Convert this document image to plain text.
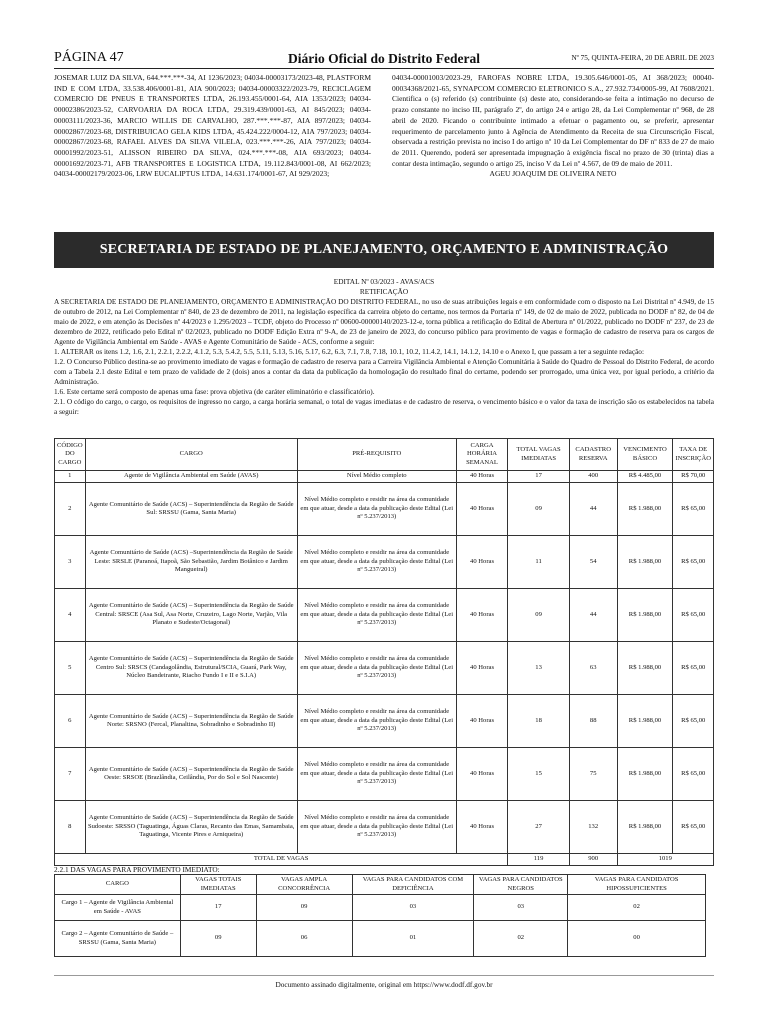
PÁGINA 47	Diário Oficial do Distrito Federal	Nº 75, QUINTA-FEIRA, 20 DE ABRIL DE 2023
JOSEMAR LUIZ DA SILVA, 644.***.***-34, AI 1236/2023; 04034-00003173/2023-48, PLASTFORM IND E COM LTDA, 33.538.406/0001-81, AIA 900/2023; 04034-00003322/2023-79, RECICLAGEM COMERCIO DE PNEUS E TRANSPORTES LTDA, 26.193.455/0001-64, AIA 1353/2023; 04034-00002386/2023-52, CARVOARIA DA ROCA LTDA, 29.319.439/0001-63, AI 845/2023; 04034-00003111/2023-36, MARCIO WILLIS DE CARVALHO, 287.***.***-87, AIA 897/2023; 04034-00002867/2023-68, DISTRIBUICAO GELA KIDS LTDA, 45.424.222/0004-12, AIA 797/2023; 04034-00002867/2023-68, RAFAEL ALVES DA SILVA VILELA, 023.***.***-26, AIA 797/2023; 04034-00001992/2023-51, ALISSON RIBEIRO DA SILVA, 024.***.***-08, AIA 693/2023; 04034-00001692/2023-71, AFB TRANSPORTES E LOGISTICA LTDA, 19.112.843/0001-08, AI 662/2023; 04034-00002179/2023-06, LRW EUCALIPTUS LTDA, 14.631.174/0001-67, AI 929/2023;
04034-00001003/2023-29, FAROFAS NOBRE LTDA, 19.305.646/0001-05, AI 368/2023; 00040-00034368/2021-65, SYNAPCOM COMERCIO ELETRONICO S.A., 27.932.734/0005-99, AI 7608/2021. Cientifica o (s) referido (s) contribuinte (s) deste ato, considerando-se feita a intimação no decurso de prazo constante no inciso III, parágrafo 2º, do artigo 24 e artigo 28, da Lei Complementar nº 968, de 28 abril de 2020. Ficando o contribuinte intimado a efetuar o pagamento ou, se preferir, apresentar requerimento de parcelamento junto à Agência de Atendimento da Receita de sua Circunscrição Fiscal, observada a restrição prevista no inciso I do artigo nº 10 da Lei Complementar do DF nº 833 de 27 de maio de 2011. Querendo, poderá ser apresentada impugnação à exigência fiscal no prazo de 30 (trinta) dias a contar desta intimação, segundo o artigo 25, inciso V da Lei nº 4.567, de 09 de maio de 2011.
AGEU JOAQUIM DE OLIVEIRA NETO
SECRETARIA DE ESTADO DE PLANEJAMENTO, ORÇAMENTO E ADMINISTRAÇÃO
EDITAL Nº 03/2023 - AVAS/ACS
RETIFICAÇÃO
A SECRETARIA DE ESTADO DE PLANEJAMENTO, ORÇAMENTO E ADMINISTRAÇÃO DO DISTRITO FEDERAL, no uso de suas atribuições legais e em conformidade com o disposto na Lei Distrital nº 4.949, de 15 de outubro de 2012, na Lei Complementar nº 840, de 23 de dezembro de 2011, na legislação específica da carreira objeto do certame, nos termos da Portaria nº 149, de 02 de maio de 2022, publicada no DODF nº 82, de 04 de maio de 2022, e em atenção às Decisões nº 44/2023 e 1.295/2023 – TCDF, objeto do Processo nº 00600-00000140/2023-12-e, torna pública a retificação do Edital de Abertura nº 01/2022, publicado no DODF nº 237, de 23 de dezembro de 2022, retificado pelo Edital nº 02/2023, publicado no DODF Edição Extra nº 9-A, de 23 de janeiro de 2023, do concurso público para provimento de vagas e formação de cadastro de reserva para os cargos de Agente de Vigilância Ambiental em Saúde - AVAS e Agente Comunitário de Saúde - ACS, conforme a seguir:
1. ALTERAR os itens 1.2, 1.6, 2.1, 2.2.1, 2.2.2, 4.1.2, 5.3, 5.4.2, 5.5, 5.11, 5.13, 5.16, 5.17, 6.2, 6.3, 7.1, 7.8, 7.18, 10.1, 10.2, 11.4.2, 14.1, 14.1.2, 14.10 e o Anexo I, que passam a ter a seguinte redação:
1.2. O Concurso Público destina-se ao provimento imediato de vagas e formação de cadastro de reserva para a Carreira Vigilância Ambiental e Atenção Comunitária à Saúde do Quadro de Pessoal do Distrito Federal, de acordo com a Tabela 2.1 deste Edital e tem prazo de validade de 2 (dois) anos a contar da data da publicação da homologação do resultado final do certame, podendo ser prorrogado, uma única vez, por igual período, a critério da Administração.
1.6. Este certame será composto de apenas uma fase: prova objetiva (de caráter eliminatório e classificatório).
2.1. O código do cargo, o cargo, os requisitos de ingresso no cargo, a carga horária semanal, o total de vagas imediatas e de cadastro de reserva, o vencimento básico e o valor da taxa de inscrição são os estabelecidos na tabela a seguir:
CÓDIGO DO CARGO	CARGO	PRÉ-REQUISITO	CARGA HORÁRIA SEMANAL	TOTAL VAGAS IMEDIATAS	CADASTRO RESERVA	VENCIMENTO BÁSICO	TAXA DE INSCRIÇÃO
1	Agente de Vigilância Ambiental em Saúde (AVAS)	Nível Médio completo	40 Horas	17	400	R$ 4.485,00	R$ 70,00
2	Agente Comunitário de Saúde (ACS) – Superintendência da Região de Saúde Sul: SRSSU (Gama, Santa Maria)	Nível Médio completo e residir na área da comunidade em que atuar, desde a data da publicação deste Edital (Lei nº 5.237/2013)	40 Horas	09	44	R$ 1.988,00	R$ 65,00
3	Agente Comunitário de Saúde (ACS) –Superintendência da Região de Saúde Leste: SRSLE (Paranoá, Itapoã, São Sebastião, Jardim Botânico e Jardim Mangueiral)	Nível Médio completo e residir na área da comunidade em que atuar, desde a data da publicação deste Edital (Lei nº 5.237/2013)	40 Horas	11	54	R$ 1.988,00	R$ 65,00
4	Agente Comunitário de Saúde (ACS) – Superintendência da Região de Saúde Central: SRSCE (Asa Sul, Asa Norte, Cruzeiro, Lago Norte, Varjão, Vila Planato e Sudeste/Octagonal)	Nível Médio completo e residir na área da comunidade em que atuar, desde a data da publicação deste Edital (Lei nº 5.237/2013)	40 Horas	09	44	R$ 1.988,00	R$ 65,00
5	Agente Comunitário de Saúde (ACS) – Superintendência da Região de Saúde Centro Sul: SRSCS (Candagolândia, Estrutural/SCIA, Guará, Park Way, Núcleo Bandeirante, Riacho Fundo I e II e S.I.A)	Nível Médio completo e residir na área da comunidade em que atuar, desde a data da publicação deste Edital (Lei nº 5.237/2013)	40 Horas	13	63	R$ 1.988,00	R$ 65,00
6	Agente Comunitário de Saúde (ACS) – Superintendência da Região de Saúde Norte: SRSNO (Fercal, Planaltina, Sobradinho e Sobradinho II)	Nível Médio completo e residir na área da comunidade em que atuar, desde a data da publicação deste Edital (Lei nº 5.237/2013)	40 Horas	18	88	R$ 1.988,00	R$ 65,00
7	Agente Comunitário de Saúde (ACS) – Superintendência da Região de Saúde Oeste: SRSOE (Brazlândia, Ceilândia, Por do Sol e Sol Nascente)	Nível Médio completo e residir na área da comunidade em que atuar, desde a data da publicação deste Edital (Lei nº 5.237/2013)	40 Horas	15	75	R$ 1.988,00	R$ 65,00
8	Agente Comunitário de Saúde (ACS) – Superintendência da Região de Saúde Sudoeste: SRSSO (Taguatinga, Águas Claras, Recanto das Emas, Samambaia, Taguatinga, Vicente Pires e Arniqueira)	Nível Médio completo e residir na área da comunidade em que atuar, desde a data da publicação deste Edital (Lei nº 5.237/2013)	40 Horas	27	132	R$ 1.988,00	R$ 65,00
TOTAL DE VAGAS				119	900	1019	
2.2.1 DAS VAGAS PARA PROVIMENTO IMEDIATO:
CARGO	VAGAS TOTAIS IMEDIATAS	VAGAS AMPLA CONCORRÊNCIA	VAGAS PARA CANDIDATOS COM DEFICIÊNCIA	VAGAS PARA CANDIDATOS NEGROS	VAGAS PARA CANDIDATOS HIPOSSUFICIENTES
Cargo 1 – Agente de Vigilância Ambiental em Saúde - AVAS	17	09	03	03	02
Cargo 2 – Agente Comunitário de Saúde – SRSSU (Gama, Santa Maria)	09	06	01	02	00
Documento assinado digitalmente, original em https://www.dodf.df.gov.br
